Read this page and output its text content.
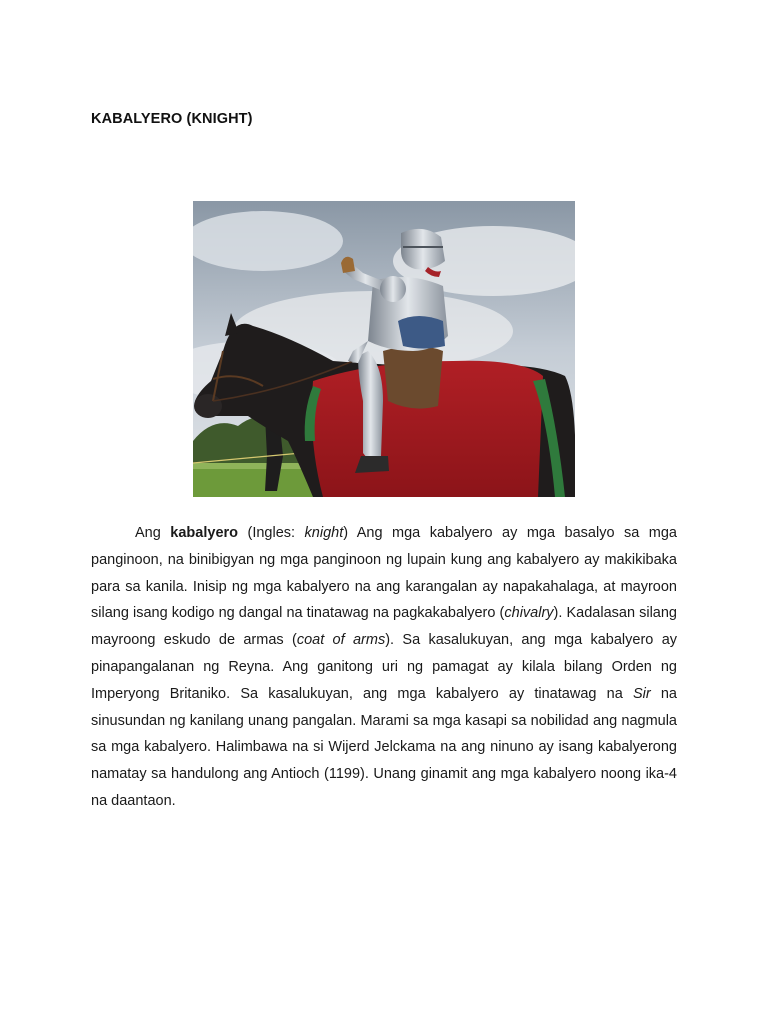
KABALYERO (KNIGHT)

Ang kabalyero (Ingles: knight) Ang mga kabalyero ay mga basalyo sa mga panginoon, na binibigyan ng mga panginoon ng lupain kung ang kabalyero ay makikibaka para sa kanila. Inisip ng mga kabalyero na ang karangalan ay napakahalaga, at mayroon silang isang kodigo ng dangal na tinatawag na pagkakabalyero (chivalry). Kadalasan silang mayroong eskudo de armas (coat of arms). Sa kasalukuyan, ang mga kabalyero ay pinapangalanan ng Reyna. Ang ganitong uri ng pamagat ay kilala bilang Orden ng Imperyong Britaniko. Sa kasalukuyan, ang mga kabalyero ay tinatawag na Sir na sinusundan ng kanilang unang pangalan. Marami sa mga kasapi sa nobilidad ang nagmula sa mga kabalyero. Halimbawa na si Wijerd Jelckama na ang ninuno ay isang kabalyerong namatay sa handulong ang Antioch (1199). Unang ginamit ang mga kabalyero noong ika-4 na daantaon.
